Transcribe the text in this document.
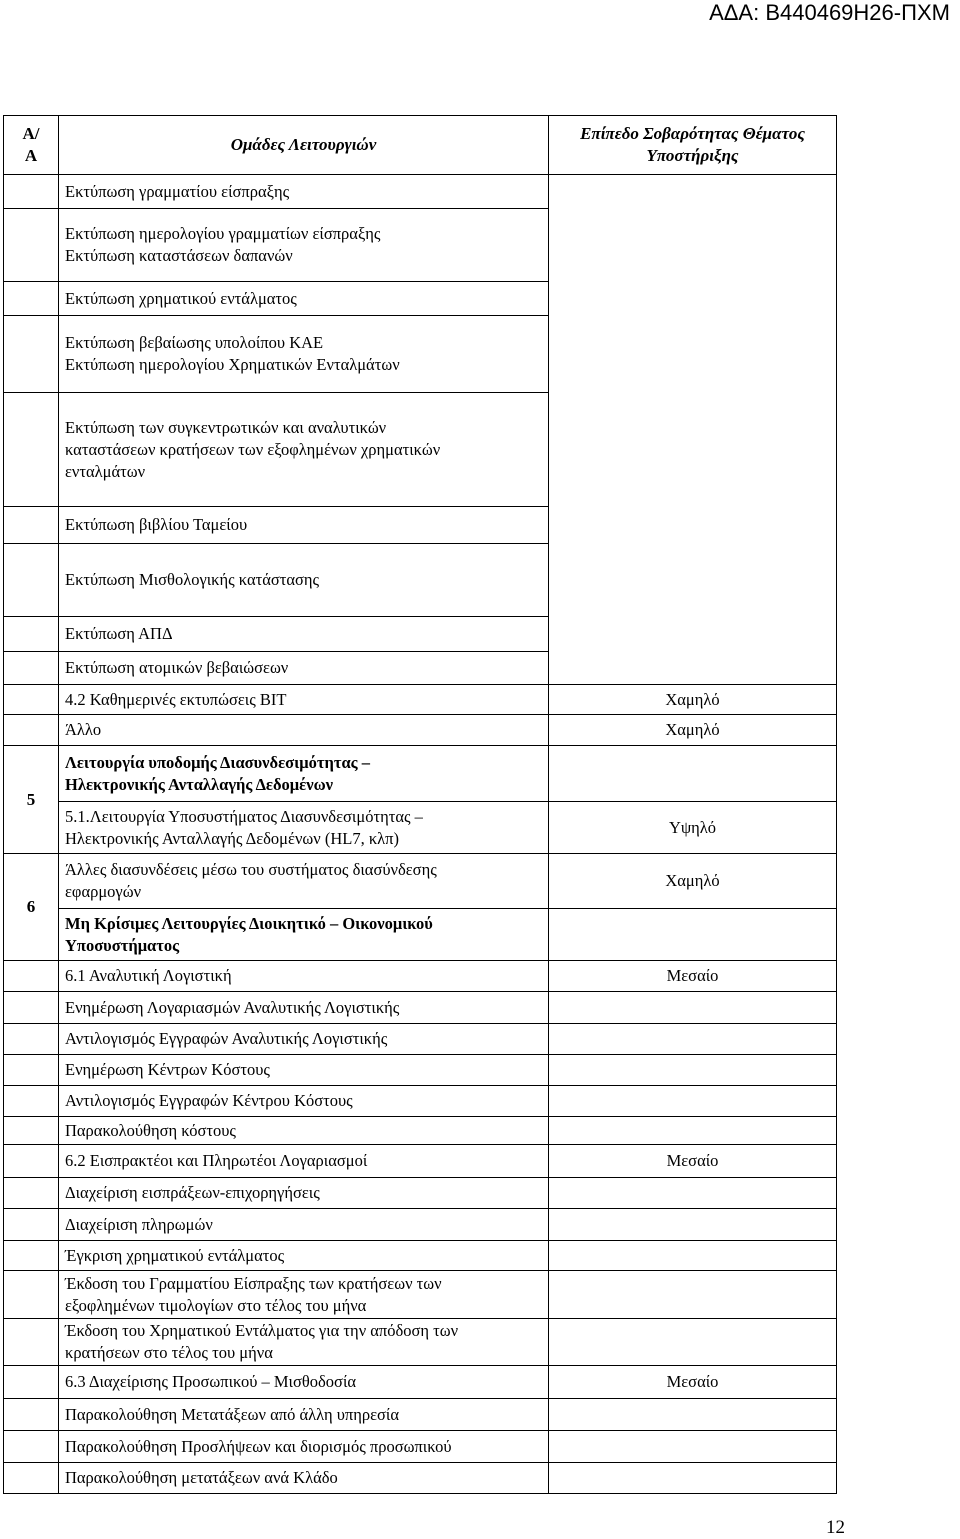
ΑΔΑ: Β440469Η26-ΠΧΜ
Α/
Α	Ομάδες Λειτουργιών	Επίπεδο Σοβαρότητας Θέματος
Υποστήριξης

	Εκτύπωση γραμματίου είσπραξης	

	Εκτύπωση ημερολογίου γραμματίων είσπραξης
Εκτύπωση καταστάσεων δαπανών	

	Εκτύπωση χρηματικού εντάλματος	

	Εκτύπωση βεβαίωσης υπολοίπου ΚΑΕ
Εκτύπωση ημερολογίου Χρηματικών Ενταλμάτων	

	Εκτύπωση των συγκεντρωτικών και αναλυτικών
καταστάσεων κρατήσεων των εξοφλημένων χρηματικών
ενταλμάτων	

	Εκτύπωση βιβλίου Ταμείου	

	Εκτύπωση Μισθολογικής κατάστασης	

	Εκτύπωση ΑΠΔ	

	Εκτύπωση ατομικών βεβαιώσεων	

	4.2 Καθημερινές εκτυπώσεις ΒΙΤ	Χαμηλό

	Άλλο	Χαμηλό
5	Λειτουργία υποδομής Διασυνδεσιμότητας –
Ηλεκτρονικής Ανταλλαγής Δεδομένων	

	5.1.Λειτουργία Υποσυστήματος Διασυνδεσιμότητας –
Ηλεκτρονικής Ανταλλαγής Δεδομένων (HL7, κλπ)	Υψηλό
6	Άλλες διασυνδέσεις μέσω του συστήματος διασύνδεσης
εφαρμογών	Χαμηλό

	Μη Κρίσιμες Λειτουργίες Διοικητικό – Οικονομικού
Υποσυστήματος	

	6.1 Αναλυτική Λογιστική	Μεσαίο

	Ενημέρωση Λογαριασμών Αναλυτικής Λογιστικής	

	Αντιλογισμός Εγγραφών Αναλυτικής Λογιστικής	

	Ενημέρωση Κέντρων Κόστους	

	Αντιλογισμός Εγγραφών Κέντρου Κόστους	

	Παρακολούθηση κόστους	

	6.2 Εισπρακτέοι και Πληρωτέοι Λογαριασμοί	Μεσαίο

	Διαχείριση εισπράξεων-επιχορηγήσεις	

	Διαχείριση πληρωμών	

	Έγκριση χρηματικού εντάλματος	

	Έκδοση του Γραμματίου Είσπραξης των κρατήσεων των
εξοφλημένων τιμολογίων στο τέλος του μήνα	

	Έκδοση του Χρηματικού Εντάλματος για την απόδοση των
κρατήσεων στο τέλος του μήνα	

	6.3 Διαχείρισης Προσωπικού – Μισθοδοσία	Μεσαίο

	Παρακολούθηση Μετατάξεων από άλλη υπηρεσία	

	Παρακολούθηση Προσλήψεων και διορισμός προσωπικού	

	Παρακολούθηση μετατάξεων ανά Κλάδο	

12
